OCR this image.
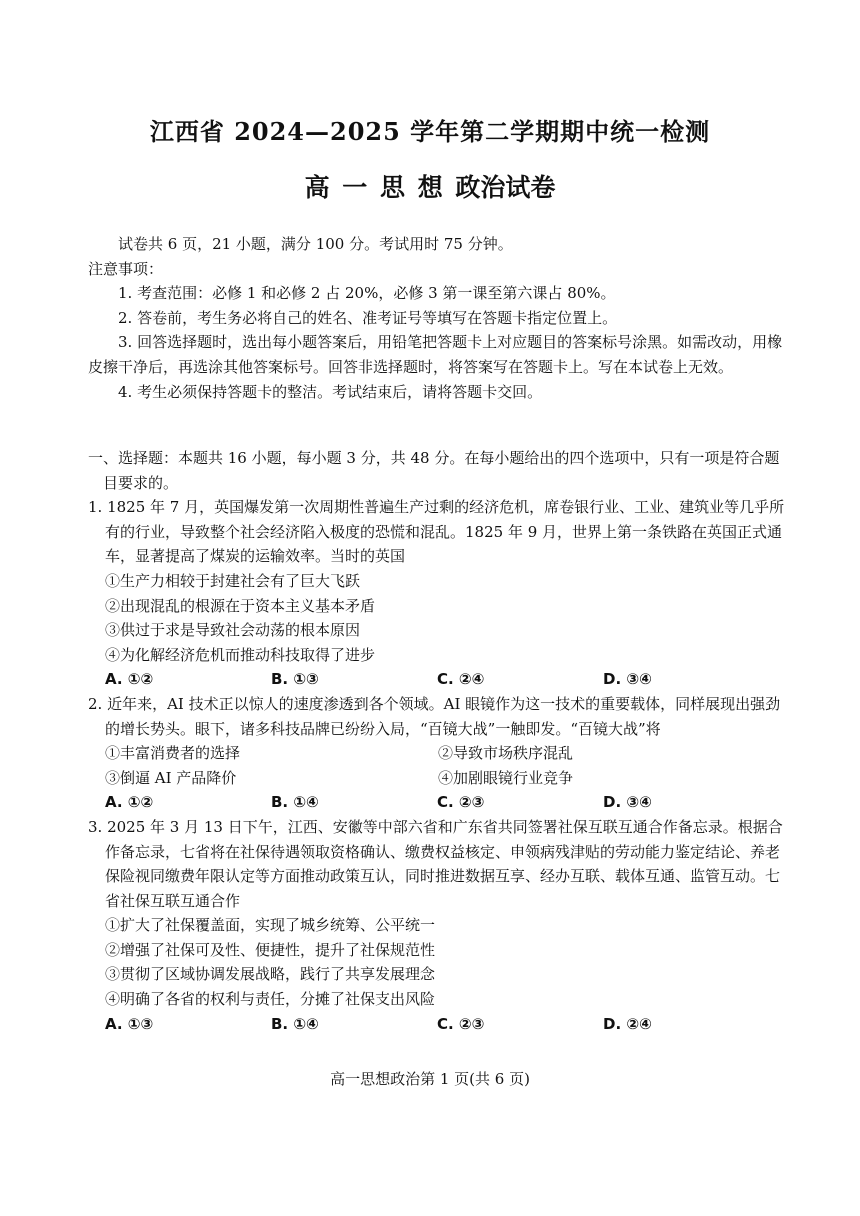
江西省 2024—2025 学年第二学期期中统一检测
高 一 思 想 政治试卷

试卷共 6 页，21 小题，满分 100 分。考试用时 75 分钟。

注意事项：

1. 考查范围：必修 1 和必修 2 占 20%，必修 3 第一课至第六课占 80%。

2. 答卷前，考生务必将自己的姓名、准考证号等填写在答题卡指定位置上。

3. 回答选择题时，选出每小题答案后，用铅笔把答题卡上对应题目的答案标号涂黑。如需改动，用橡皮擦干净后，再选涂其他答案标号。回答非选择题时，将答案写在答题卡上。写在本试卷上无效。

4. 考生必须保持答题卡的整洁。考试结束后，请将答题卡交回。

一、选择题：本题共 16 小题，每小题 3 分，共 48 分。在每小题给出的四个选项中，只有一项是符合题目要求的。

1. 1825 年 7 月，英国爆发第一次周期性普遍生产过剩的经济危机，席卷银行业、工业、建筑业等几乎所有的行业，导致整个社会经济陷入极度的恐慌和混乱。1825 年 9 月，世界上第一条铁路在英国正式通车，显著提高了煤炭的运输效率。当时的英国

①生产力相较于封建社会有了巨大飞跃

②出现混乱的根源在于资本主义基本矛盾

③供过于求是导致社会动荡的根本原因

④为化解经济危机而推动科技取得了进步

A. ①②	B. ①③	C. ②④	D. ③④

2. 近年来，AI 技术正以惊人的速度渗透到各个领域。AI 眼镜作为这一技术的重要载体，同样展现出强劲的增长势头。眼下，诸多科技品牌已纷纷入局，“百镜大战”一触即发。“百镜大战”将

①丰富消费者的选择	②导致市场秩序混乱
③倒逼 AI 产品降价	④加剧眼镜行业竞争
A. ①②	B. ①④	C. ②③	D. ③④

3. 2025 年 3 月 13 日下午，江西、安徽等中部六省和广东省共同签署社保互联互通合作备忘录。根据合作备忘录，七省将在社保待遇领取资格确认、缴费权益核定、申领病残津贴的劳动能力鉴定结论、养老保险视同缴费年限认定等方面推动政策互认，同时推进数据互享、经办互联、载体互通、监管互动。七省社保互联互通合作

①扩大了社保覆盖面，实现了城乡统筹、公平统一

②增强了社保可及性、便捷性，提升了社保规范性

③贯彻了区域协调发展战略，践行了共享发展理念

④明确了各省的权利与责任，分摊了社保支出风险

A. ①③	B. ①④	C. ②③	D. ②④
高一思想政治第 1 页(共 6 页)
